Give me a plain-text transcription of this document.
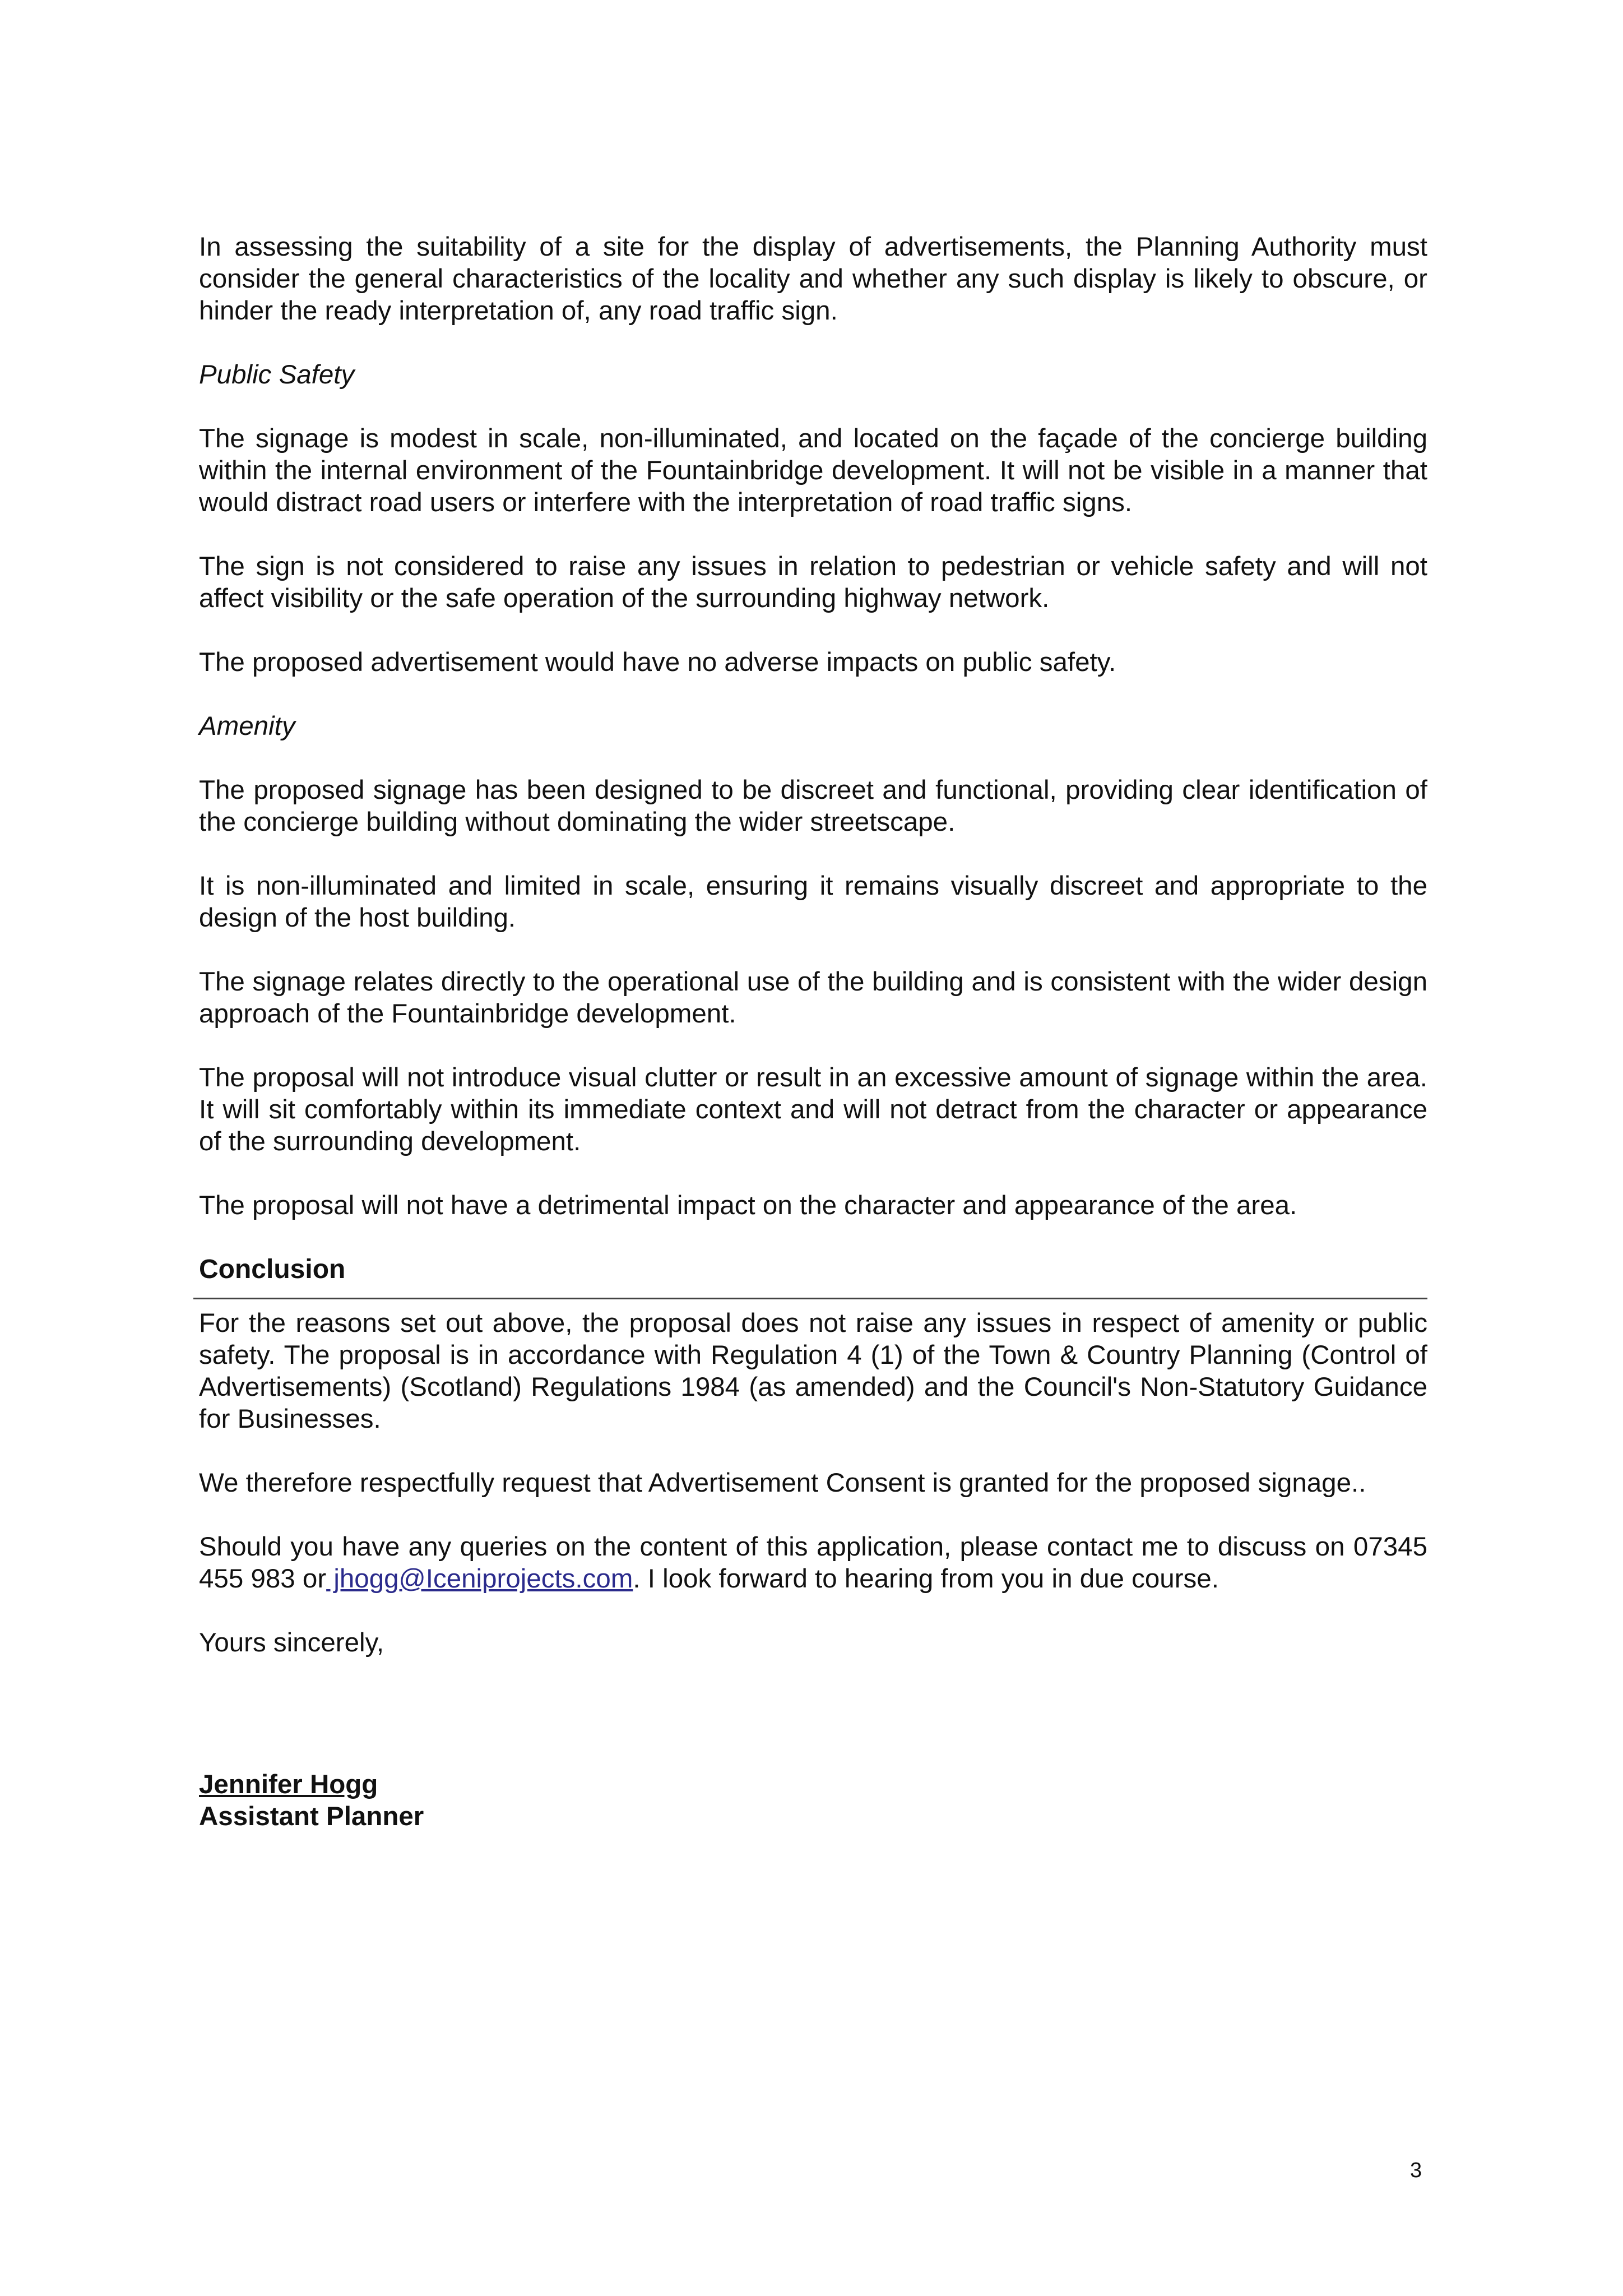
In assessing the suitability of a site for the display of advertisements, the Planning Authority must consider the general characteristics of the locality and whether any such display is likely to obscure, or hinder the ready interpretation of, any road traffic sign.

Public Safety

The signage is modest in scale, non-illuminated, and located on the façade of the concierge building within the internal environment of the Fountainbridge development. It will not be visible in a manner that would distract road users or interfere with the interpretation of road traffic signs.

The sign is not considered to raise any issues in relation to pedestrian or vehicle safety and will not affect visibility or the safe operation of the surrounding highway network.

The proposed advertisement would have no adverse impacts on public safety.

Amenity

The proposed signage has been designed to be discreet and functional, providing clear identification of the concierge building without dominating the wider streetscape.

It is non-illuminated and limited in scale, ensuring it remains visually discreet and appropriate to the design of the host building.

The signage relates directly to the operational use of the building and is consistent with the wider design approach of the Fountainbridge development.

The proposal will not introduce visual clutter or result in an excessive amount of signage within the area. It will sit comfortably within its immediate context and will not detract from the character or appearance of the surrounding development.

The proposal will not have a detrimental impact on the character and appearance of the area.

Conclusion

For the reasons set out above, the proposal does not raise any issues in respect of amenity or public safety. The proposal is in accordance with Regulation 4 (1) of the Town & Country Planning (Control of Advertisements) (Scotland) Regulations 1984 (as amended) and the Council's Non-Statutory Guidance for Businesses.

We therefore respectfully request that Advertisement Consent is granted for the proposed signage..

Should you have any queries on the content of this application, please contact me to discuss on 07345 455 983 or jhogg@Iceniprojects.com. I look forward to hearing from you in due course.

Yours sincerely,

Jennifer Hogg

Assistant Planner

3
